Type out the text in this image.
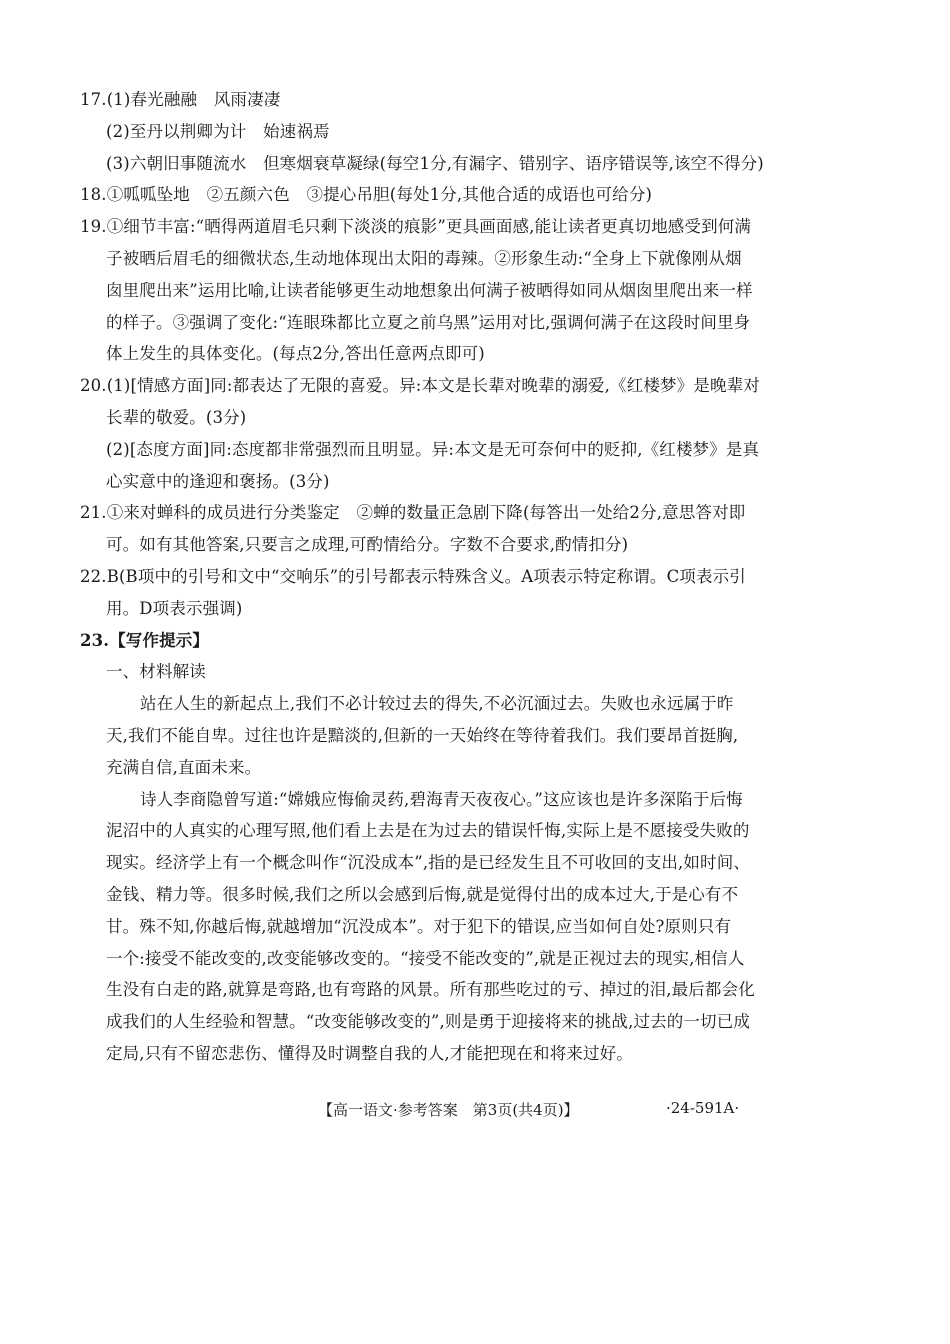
17.(1)春光融融　风雨凄凄
(2)至丹以荆卿为计　始速祸焉
(3)六朝旧事随流水　但寒烟衰草凝绿(每空1分,有漏字、错别字、语序错误等,该空不得分)
18.①呱呱坠地　②五颜六色　③提心吊胆(每处1分,其他合适的成语也可给分)
19.①细节丰富:“晒得两道眉毛只剩下淡淡的痕影”更具画面感,能让读者更真切地感受到何满
子被晒后眉毛的细微状态,生动地体现出太阳的毒辣。②形象生动:“全身上下就像刚从烟
囱里爬出来”运用比喻,让读者能够更生动地想象出何满子被晒得如同从烟囱里爬出来一样
的样子。③强调了变化:“连眼珠都比立夏之前乌黑”运用对比,强调何满子在这段时间里身
体上发生的具体变化。(每点2分,答出任意两点即可)
20.(1)[情感方面]同:都表达了无限的喜爱。异:本文是长辈对晚辈的溺爱,《红楼梦》是晚辈对
长辈的敬爱。(3分)
(2)[态度方面]同:态度都非常强烈而且明显。异:本文是无可奈何中的贬抑,《红楼梦》是真
心实意中的逢迎和褒扬。(3分)
21.①来对蝉科的成员进行分类鉴定　②蝉的数量正急剧下降(每答出一处给2分,意思答对即
可。如有其他答案,只要言之成理,可酌情给分。字数不合要求,酌情扣分)
22.B(B项中的引号和文中“交响乐”的引号都表示特殊含义。A项表示特定称谓。C项表示引
用。D项表示强调)
23.【写作提示】
一、材料解读
站在人生的新起点上,我们不必计较过去的得失,不必沉湎过去。失败也永远属于昨
天,我们不能自卑。过往也许是黯淡的,但新的一天始终在等待着我们。我们要昂首挺胸,
充满自信,直面未来。
诗人李商隐曾写道:“嫦娥应悔偷灵药,碧海青天夜夜心。”这应该也是许多深陷于后悔
泥沼中的人真实的心理写照,他们看上去是在为过去的错误忏悔,实际上是不愿接受失败的
现实。经济学上有一个概念叫作“沉没成本”,指的是已经发生且不可收回的支出,如时间、
金钱、精力等。很多时候,我们之所以会感到后悔,就是觉得付出的成本过大,于是心有不
甘。殊不知,你越后悔,就越增加“沉没成本”。对于犯下的错误,应当如何自处?原则只有
一个:接受不能改变的,改变能够改变的。“接受不能改变的”,就是正视过去的现实,相信人
生没有白走的路,就算是弯路,也有弯路的风景。所有那些吃过的亏、掉过的泪,最后都会化
成我们的人生经验和智慧。“改变能够改变的”,则是勇于迎接将来的挑战,过去的一切已成
定局,只有不留恋悲伤、懂得及时调整自我的人,才能把现在和将来过好。
【高一语文·参考答案　第3页(共4页)】	·24-591A·
